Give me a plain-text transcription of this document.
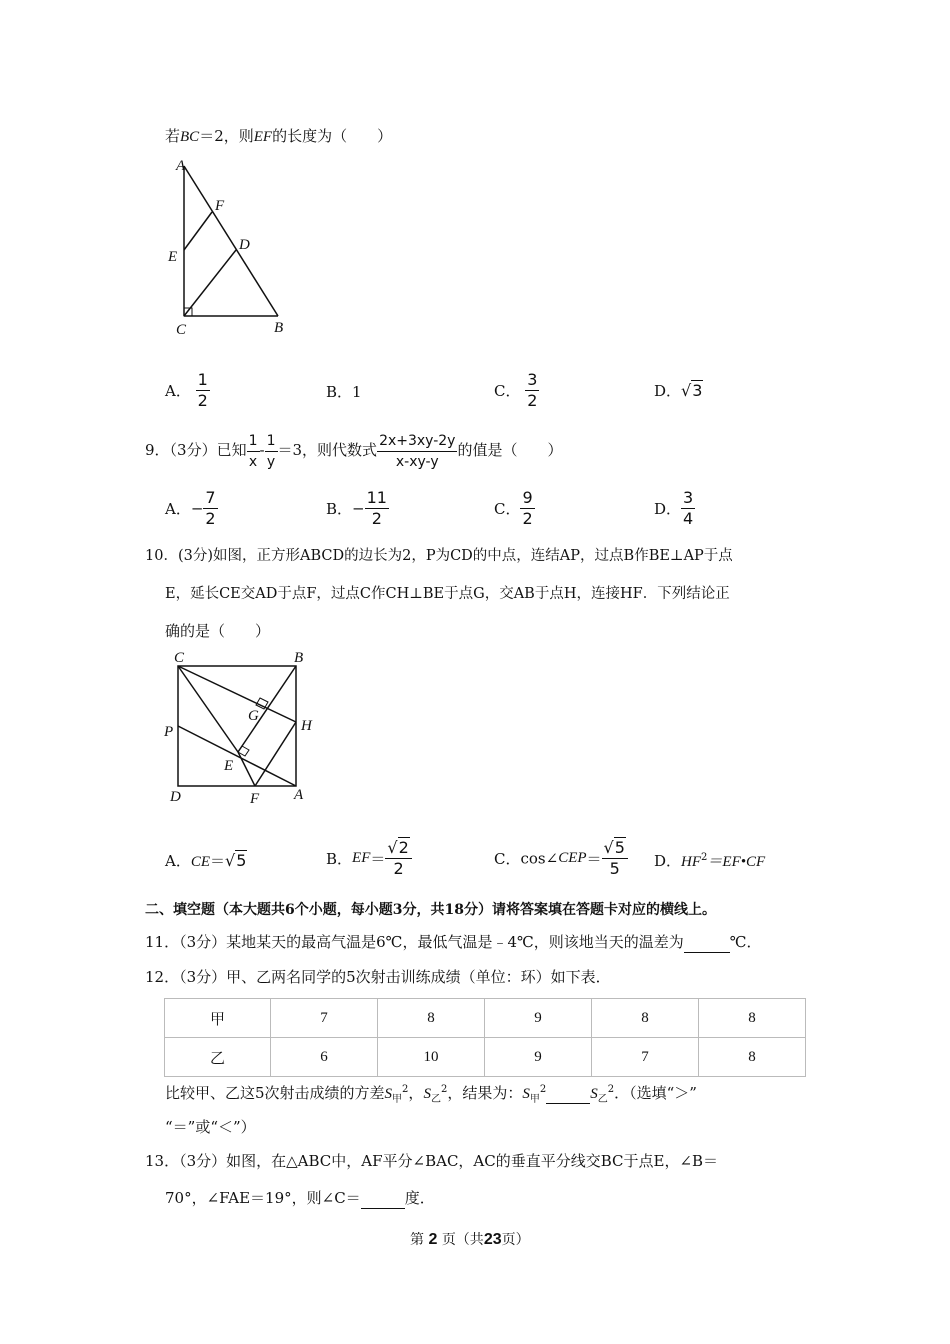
若BC＝2，则EF的长度为（　　）
A
F
E
D
C	B
A． $\frac{1}{2}$	B．1	C． $\frac{3}{2}$	D．√3
9．（3分）已知 $\frac{1}{x} - \frac{1}{y} =3$，则代数式 $\frac{2x+3xy-2y}{x-xy-y}$ 的值是（　　）
A．− $\frac{7}{2}$	B．− $\frac{11}{2}$	C． $\frac{9}{2}$	D． $\frac{3}{4}$
10．(3分)如图，正方形ABCD的边长为2，P为CD的中点，连结AP，过点B作BE⊥AP于点
E，延长CE交AD于点F，过点C作CH⊥BE于点G，交AB于点H，连接HF．下列结论正
确的是（　　）
C	B
G
H
P
E
D	F A
A．CE＝√5	B．$EF= \frac{√2}{2}$	C．cos∠CEP＝ $\frac{√5}{5}$ D．$HF^2=EF•CF$
二、填空题（本大题共6个小题，每小题3分，共18分）请将答案填在答题卡对应的横线上。
11．（3分）某地某天的最高气温是6℃，最低气温是﹣4℃，则该地当天的温差为	℃．
12．（3分）甲、乙两名同学的5次射击训练成绩（单位：环）如下表．
甲	7	8	9	8	8
乙	6	10	9	7	8
比较甲、乙这5次射击成绩的方差$S_甲^2$，$S_乙^2$，结果为：$S_甲^2$	$S_乙^2$．（选填“＞”
“＝”或“＜”）
13．（3分）如图，在△ABC中，AF平分∠BAC，AC的垂直平分线交BC于点E，∠B＝
70°，∠FAE＝19°，则∠C＝	度．
第 2 页（共23页）
